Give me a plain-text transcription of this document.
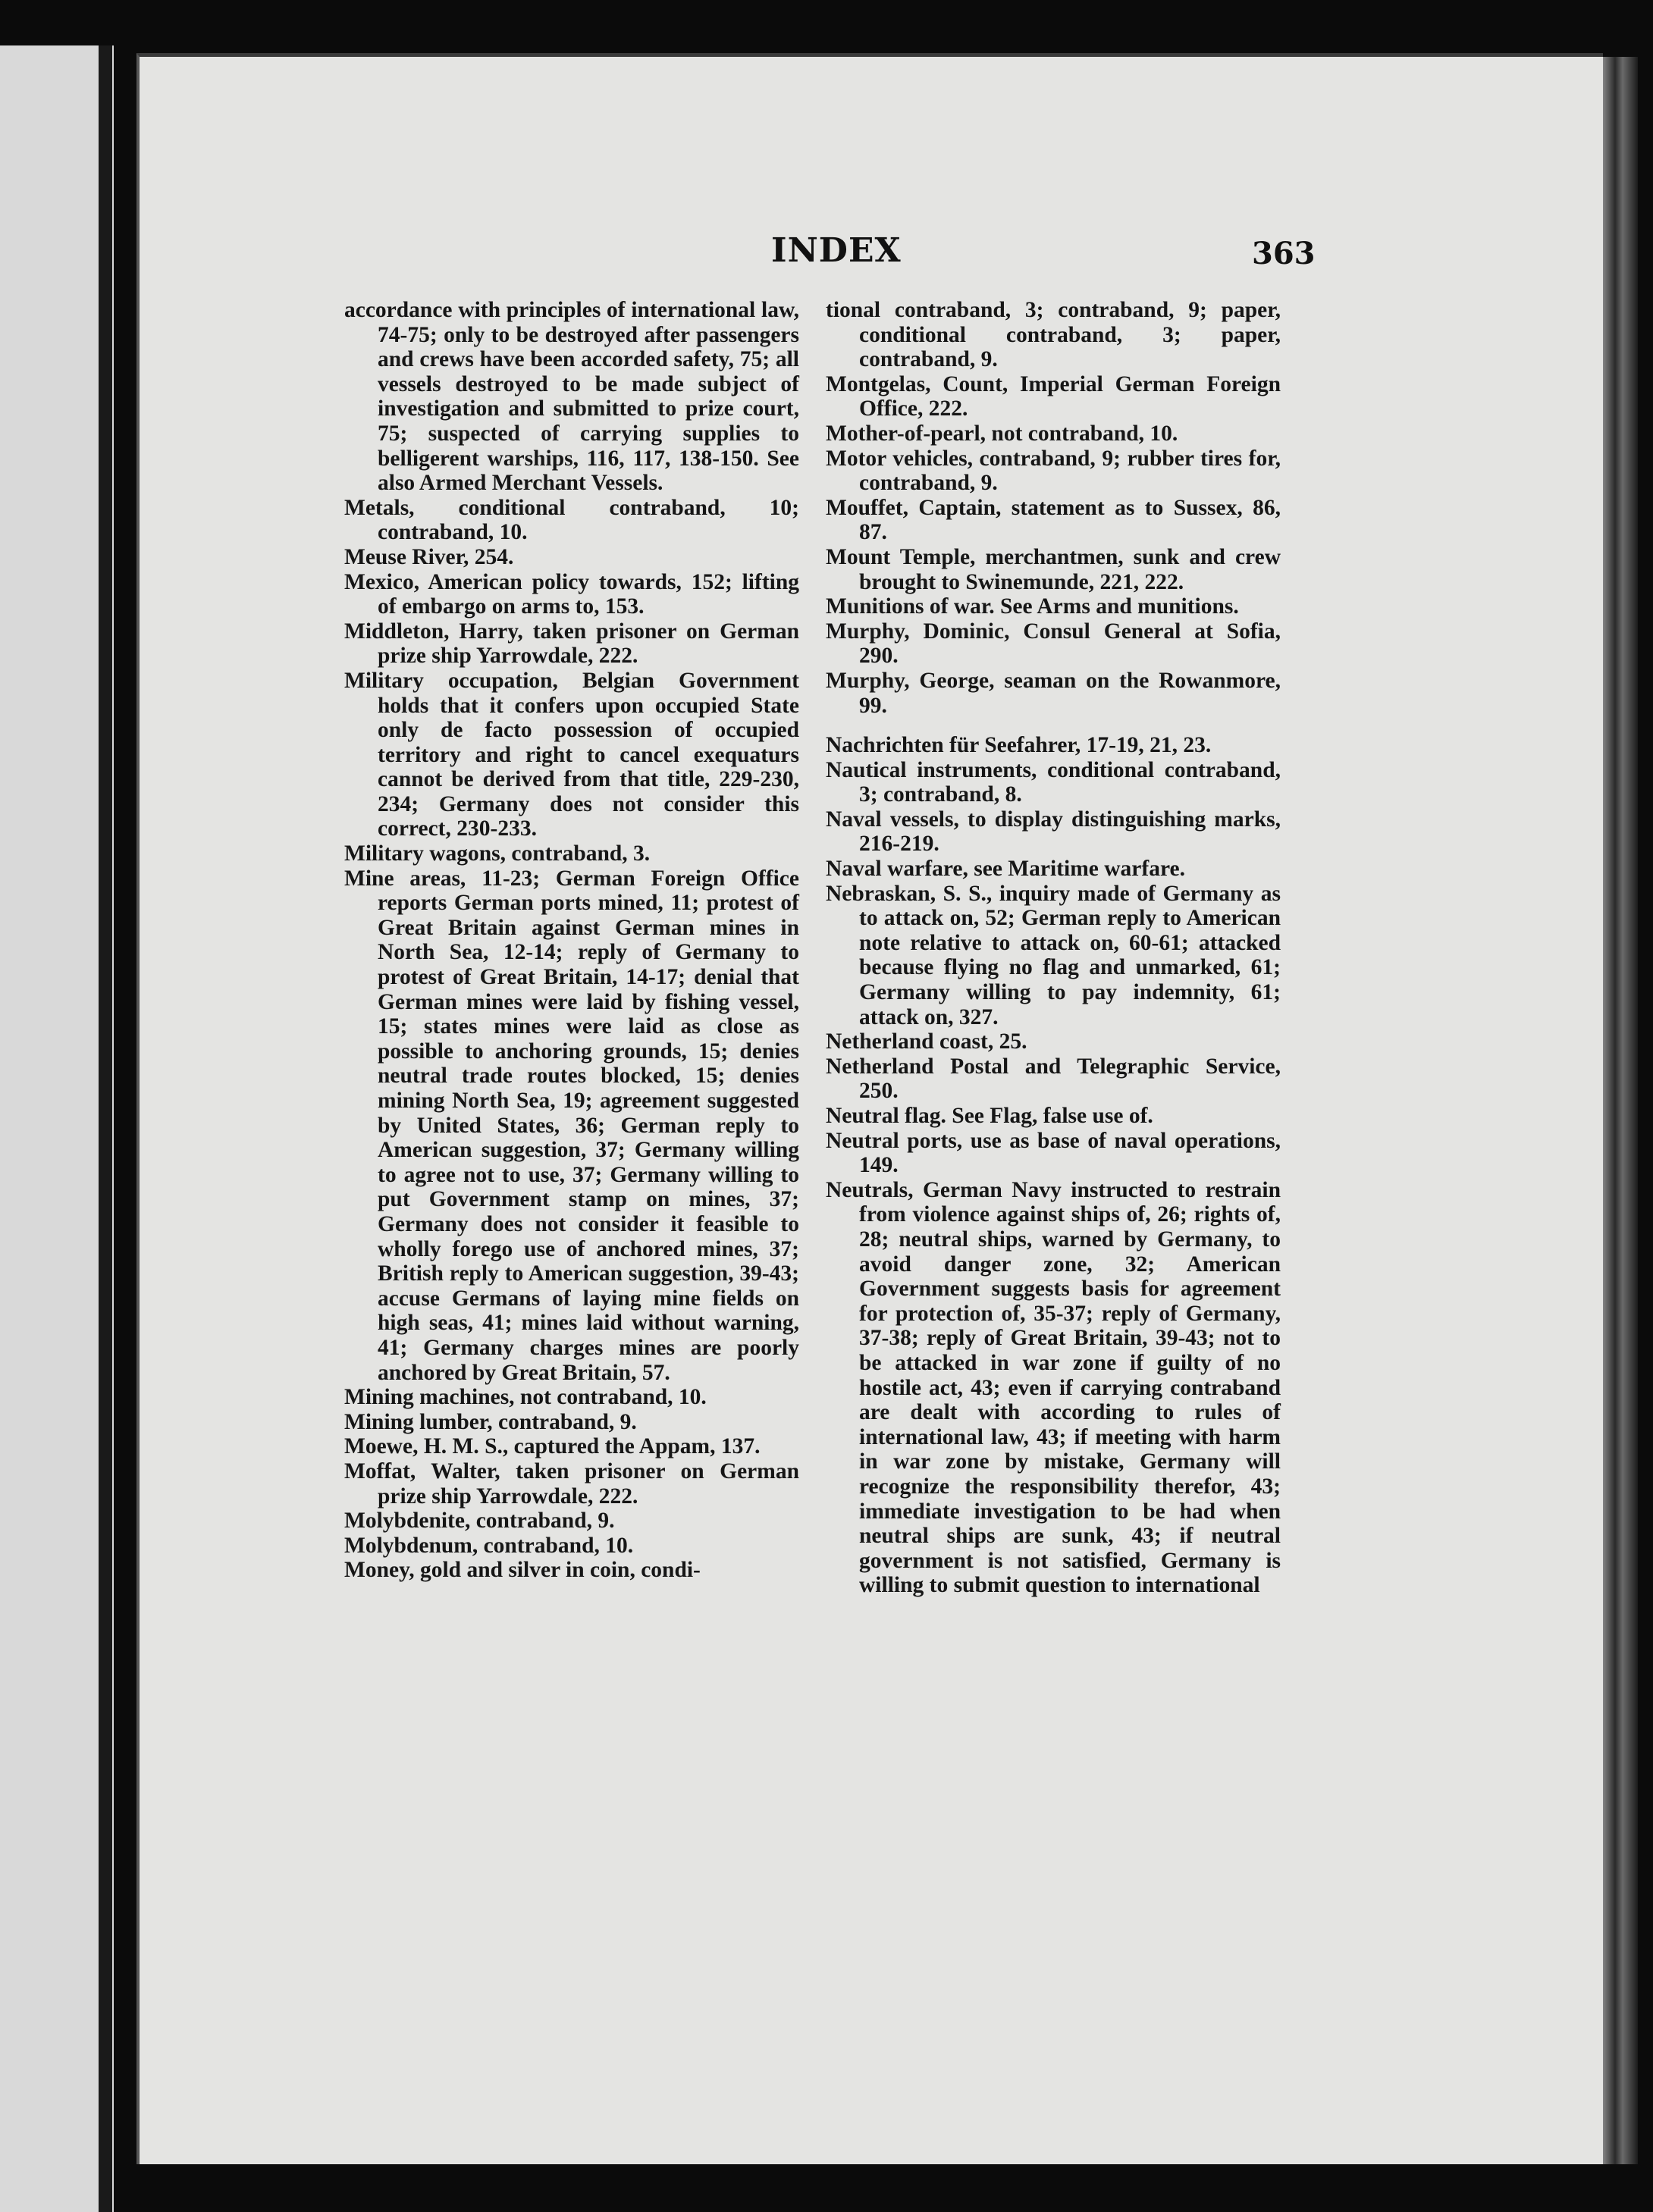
INDEX	363

accordance with principles of international law, 74-75; only to be destroyed after passengers and crews have been accorded safety, 75; all vessels destroyed to be made subject of investigation and submitted to prize court, 75; suspected of carrying supplies to belligerent warships, 116, 117, 138-150. See also Armed Merchant Vessels.

Metals, conditional contraband, 10; contraband, 10.

Meuse River, 254.

Mexico, American policy towards, 152; lifting of embargo on arms to, 153.

Middleton, Harry, taken prisoner on German prize ship Yarrowdale, 222.

Military occupation, Belgian Government holds that it confers upon occupied State only de facto possession of occupied territory and right to cancel exequaturs cannot be derived from that title, 229-230, 234; Germany does not consider this correct, 230-233.

Military wagons, contraband, 3.

Mine areas, 11-23; German Foreign Office reports German ports mined, 11; protest of Great Britain against German mines in North Sea, 12-14; reply of Germany to protest of Great Britain, 14-17; denial that German mines were laid by fishing vessel, 15; states mines were laid as close as possible to anchoring grounds, 15; denies neutral trade routes blocked, 15; denies mining North Sea, 19; agreement suggested by United States, 36; German reply to American suggestion, 37; Germany willing to agree not to use, 37; Germany willing to put Government stamp on mines, 37; Germany does not consider it feasible to wholly forego use of anchored mines, 37; British reply to American suggestion, 39-43; accuse Germans of laying mine fields on high seas, 41; mines laid without warning, 41; Germany charges mines are poorly anchored by Great Britain, 57.

Mining machines, not contraband, 10.

Mining lumber, contraband, 9.

Moewe, H. M. S., captured the Appam, 137.

Moffat, Walter, taken prisoner on German prize ship Yarrowdale, 222.

Molybdenite, contraband, 9.

Molybdenum, contraband, 10.

Money, gold and silver in coin, condi-

tional contraband, 3; contraband, 9; paper, conditional contraband, 3; paper, contraband, 9.

Montgelas, Count, Imperial German Foreign Office, 222.

Mother-of-pearl, not contraband, 10.

Motor vehicles, contraband, 9; rubber tires for, contraband, 9.

Mouffet, Captain, statement as to Sussex, 86, 87.

Mount Temple, merchantmen, sunk and crew brought to Swinemunde, 221, 222.

Munitions of war. See Arms and munitions.

Murphy, Dominic, Consul General at Sofia, 290.

Murphy, George, seaman on the Rowanmore, 99.

Nachrichten für Seefahrer, 17-19, 21, 23.

Nautical instruments, conditional contraband, 3; contraband, 8.

Naval vessels, to display distinguishing marks, 216-219.

Naval warfare, see Maritime warfare.

Nebraskan, S. S., inquiry made of Germany as to attack on, 52; German reply to American note relative to attack on, 60-61; attacked because flying no flag and unmarked, 61; Germany willing to pay indemnity, 61; attack on, 327.

Netherland coast, 25.

Netherland Postal and Telegraphic Service, 250.

Neutral flag. See Flag, false use of.

Neutral ports, use as base of naval operations, 149.

Neutrals, German Navy instructed to restrain from violence against ships of, 26; rights of, 28; neutral ships, warned by Germany, to avoid danger zone, 32; American Government suggests basis for agreement for protection of, 35-37; reply of Germany, 37-38; reply of Great Britain, 39-43; not to be attacked in war zone if guilty of no hostile act, 43; even if carrying contraband are dealt with according to rules of international law, 43; if meeting with harm in war zone by mistake, Germany will recognize the responsibility therefor, 43; immediate investigation to be had when neutral ships are sunk, 43; if neutral government is not satisfied, Germany is willing to submit question to international
